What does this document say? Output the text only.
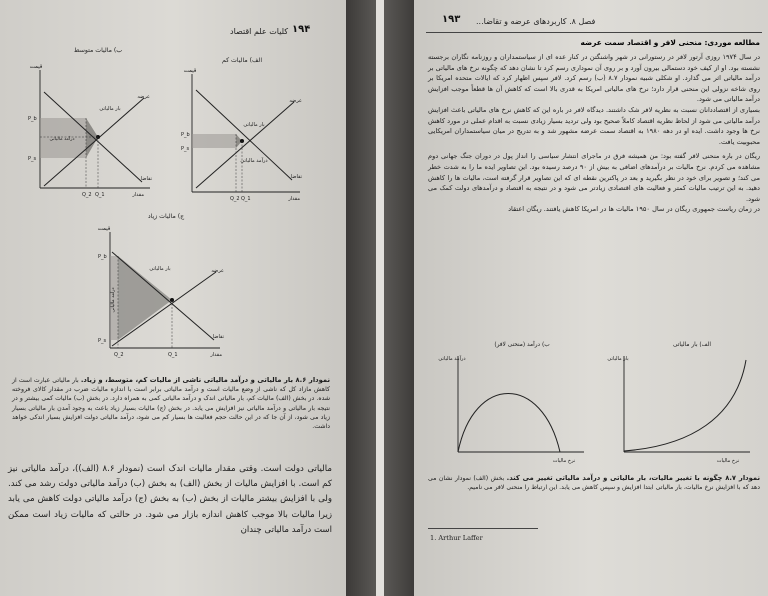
۱۹۴
کلیات علم اقتصاد
ب) مالیات متوسط
قیمت
P_b
P_s
Q_2 Q_1	مقدار
عرضه
تقاضا
بار مالیاتی
درآمد مالیاتی
الف) مالیات کم
قیمت
P_b
P_s
Q_2 Q_1	مقدار
عرضه
تقاضا
بار مالیاتی
درآمد مالیاتی
ج) مالیات زیاد
قیمت
P_b
P_s
Q_2	Q_1	مقدار
عرضه
تقاضا
بار مالیاتی
درآمد مالیاتی
نمودار ۸.۶ بار مالیاتی و درآمد مالیاتی ناشی از مالیات کم، متوسط، و زیاد. بار مالیاتی عبارت است از کاهش مازاد کل که ناشی از وضع مالیات است و درآمد مالیاتی برابر است با اندازه مالیات ضرب در مقدار کالای فروخته شده. در بخش (الف) مالیات کم، بار مالیاتی اندک و درآمد مالیاتی کمی به همراه دارد. در بخش (ب) مالیات کمی بیشتر و در نتیجه بار مالیاتی و درآمد مالیاتی نیز افزایش می یابد. در بخش (ج) مالیات بسیار زیاد باعث به وجود آمدن بار مالیاتی بسیار زیاد می شود، از آن جا که در این حالت حجم فعالیت ها بسیار کم می شود، درآمد مالیاتی دولت افزایش بسیار اندکی خواهد داشت.
مالیاتی دولت است. وقتی مقدار مالیات اندک است (نمودار ۸.۶ (الف))، درآمد مالیاتی نیز کم است. با افزایش مالیات از بخش (الف) به بخش (ب) درآمد مالیاتی دولت رشد می کند. ولی با افزایش بیشتر مالیات از بخش (ب) به بخش (ج) درآمد مالیاتی دولت کاهش می یابد زیرا مالیات بالا موجب کاهش اندازه بازار می شود. در حالتی که مالیات زیاد است ممکن است درآمد مالیاتی چندان
۱۹۳ فصل ۸. کاربردهای عرضه و تقاضا...
مطالعه موردی: منحنی لافر و اقتصاد سمت عرضه
در سال ۱۹۷۴ روزی آرتور لافر در رستورانی در شهر واشنگتن در کنار عده ای از سیاستمداران و روزنامه نگاران برجسته نشسته بود. او از کیف خود دستمالی بیرون آورد و بر روی آن نموداری رسم کرد تا نشان دهد که چگونه نرخ های مالیاتی بر درآمد مالیاتی اثر می گذارد. او شکلی شبیه نمودار ۸.۷ (ب) رسم کرد. لافر سپس اظهار کرد که ایالات متحده امریکا بر روی شاخه نزولی این منحنی قرار دارد؛ نرخ های مالیاتی امریکا به قدری بالا است که کاهش آن ها قطعاً موجب افزایش درآمد مالیاتی می شود.
بسیاری از اقتصاددانان نسبت به نظریه لافر شک داشتند. دیدگاه لافر در باره این که کاهش نرخ های مالیاتی باعث افزایش درآمد مالیاتی می شود از لحاظ نظریه اقتصاد کاملاً صحیح بود ولی تردید بسیار زیادی نسبت به اقدام عملی در مورد کاهش نرخ ها وجود داشت. ایده او در دهه ۱۹۸۰ به اقتصاد سمت عرضه مشهور شد و به تدریج در میان سیاستمداران امریکایی محبوبیت یافت.
ریگان در باره منحنی لافر گفته بود: من همیشه فرق در ماجرای انتشار سیاسی را انداز پول در دوران جنگ جهانی دوم مشاهده می کردم. نرخ مالیات بر درآمدهای اضافی به بیش از ۹۰ درصد رسیده بود. این تصاویر ایده ما را به شدت خطر می کند؛ و تصویر برای خود در نظر بگیرید و بعد در پاکترین نقطه ای که این تصاویر قرار گرفته است، مالیات ها را کاهش دهید. به این ترتیب مالیات کمتر و فعالیت های اقتصادی زیادتر می شود و در نتیجه به اقتصاد و درآمدهای دولت کمک می شود.
در زمان ریاست جمهوری ریگان در سال ۱۹۵۰ مالیات ها در امریکا کاهش یافتند. ریگان اعتقاد
ب) درآمد (منحنی لافر)
درآمد مالیاتی
نرخ مالیات
الف) بار مالیاتی
بار مالیاتی
نرخ مالیات
نمودار ۸.۷ چگونه با تغییر مالیات، بار مالیاتی و درآمد مالیاتی تغییر می کند. بخش (الف) نمودار نشان می دهد که با افزایش نرخ مالیات، بار مالیاتی ابتدا افزایش و سپس کاهش می یابد. این ارتباط را منحنی لافر می نامیم.
1. Arthur Laffer
